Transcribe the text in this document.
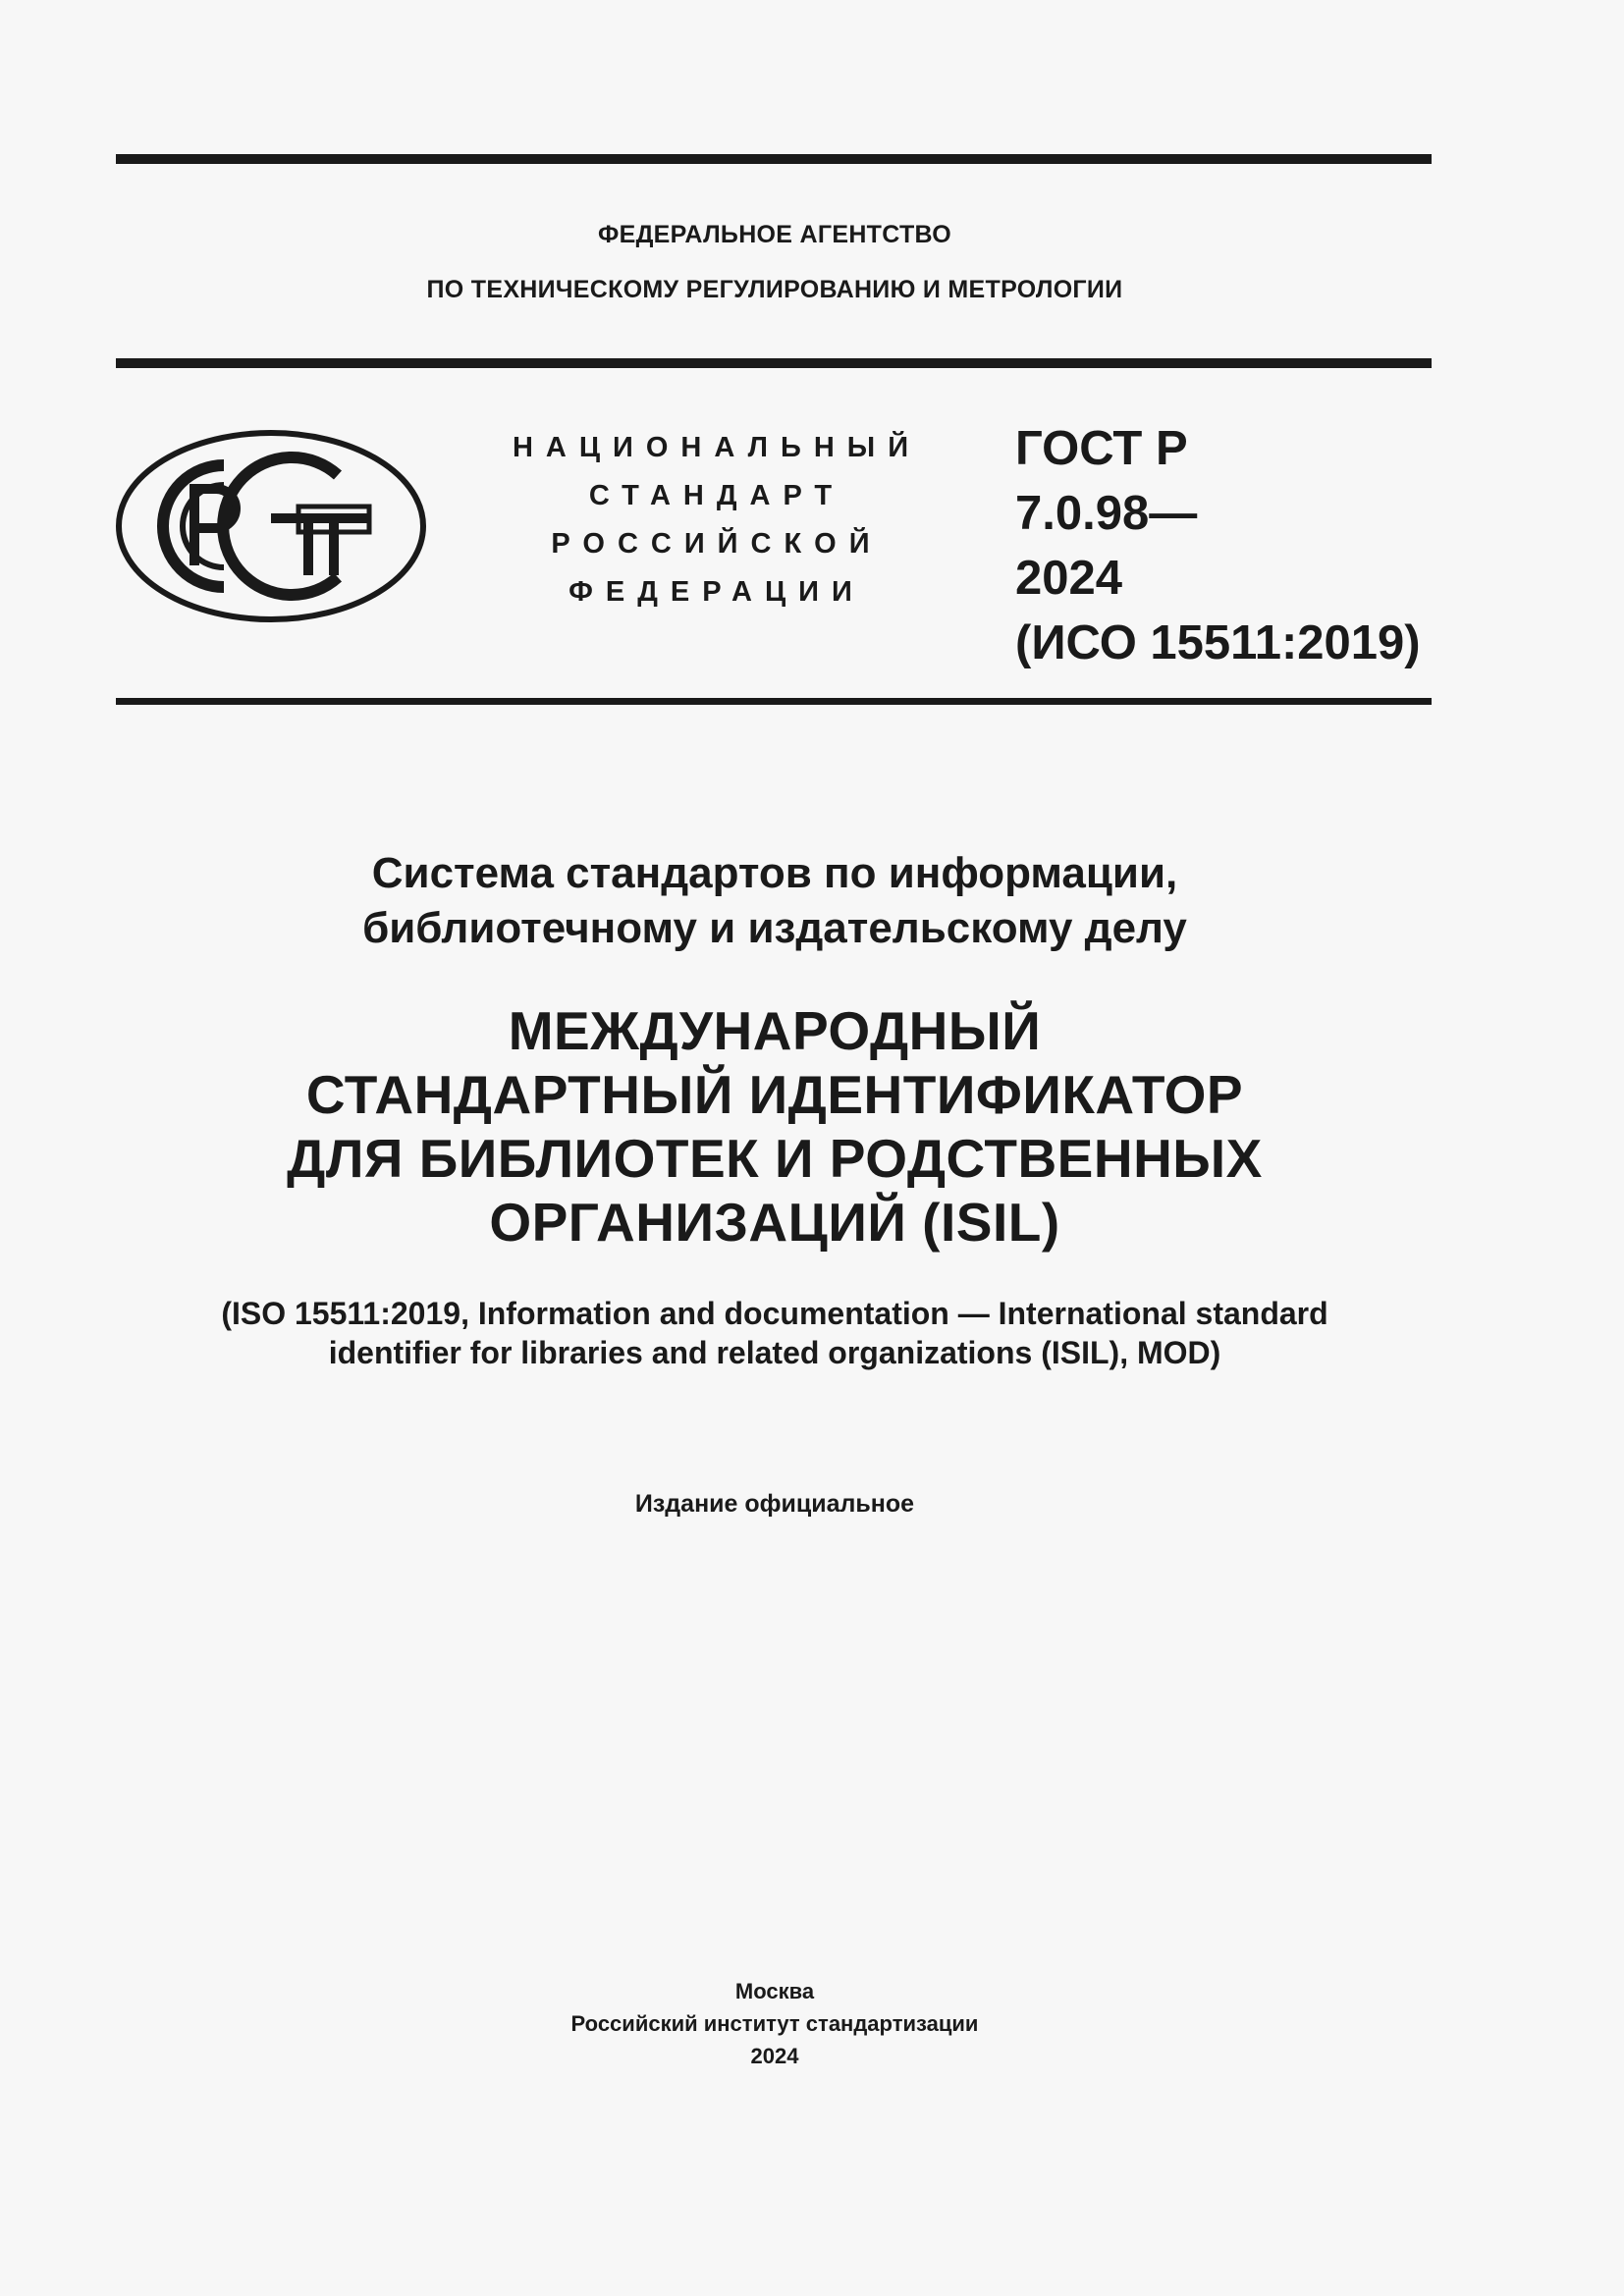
ФЕДЕРАЛЬНОЕ АГЕНТСТВО
ПО ТЕХНИЧЕСКОМУ РЕГУЛИРОВАНИЮ И МЕТРОЛОГИИ
НАЦИОНАЛЬНЫЙ
СТАНДАРТ
РОССИЙСКОЙ
ФЕДЕРАЦИИ
ГОСТ Р
7.0.98—
2024
(ИСО 15511:2019)
Система стандартов по информации,
библиотечному и издательскому делу
МЕЖДУНАРОДНЫЙ
СТАНДАРТНЫЙ ИДЕНТИФИКАТОР
ДЛЯ БИБЛИОТЕК И РОДСТВЕННЫХ
ОРГАНИЗАЦИЙ (ISIL)
(ISO 15511:2019, Information and documentation — International standard
identifier for libraries and related organizations (ISIL), MOD)
Издание официальное
Москва
Российский институт стандартизации
2024
